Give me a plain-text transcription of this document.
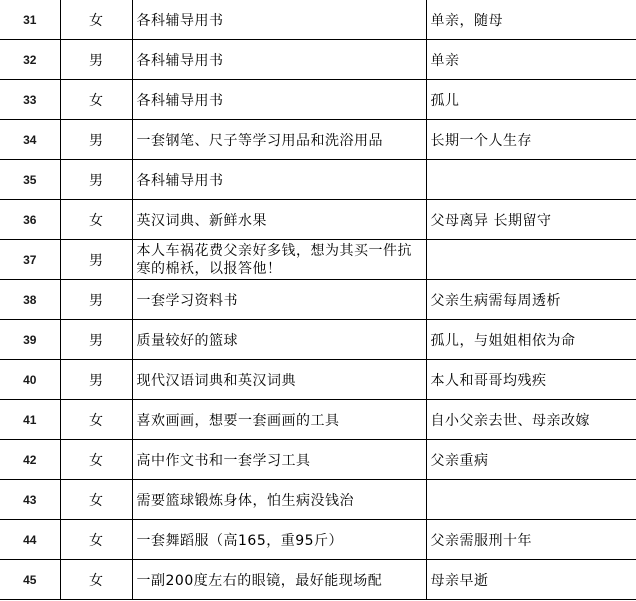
31	女	各科辅导用书	单亲，随母
32	男	各科辅导用书	单亲
33	女	各科辅导用书	孤儿
34	男	一套钢笔、尺子等学习用品和洗浴用品	长期一个人生存
35	男	各科辅导用书	
36	女	英汉词典、新鲜水果	父母离异 长期留守
37	男	本人车祸花费父亲好多钱，想为其买一件抗寒的棉袄，以报答他！	
38	男	一套学习资料书	父亲生病需每周透析
39	男	质量较好的篮球	孤儿，与姐姐相依为命
40	男	现代汉语词典和英汉词典	本人和哥哥均残疾
41	女	喜欢画画，想要一套画画的工具	自小父亲去世、母亲改嫁
42	女	高中作文书和一套学习工具	父亲重病
43	女	需要篮球锻炼身体，怕生病没钱治	
44	女	一套舞蹈服（高165，重95斤）	父亲需服刑十年
45	女	一副200度左右的眼镜，最好能现场配	母亲早逝
